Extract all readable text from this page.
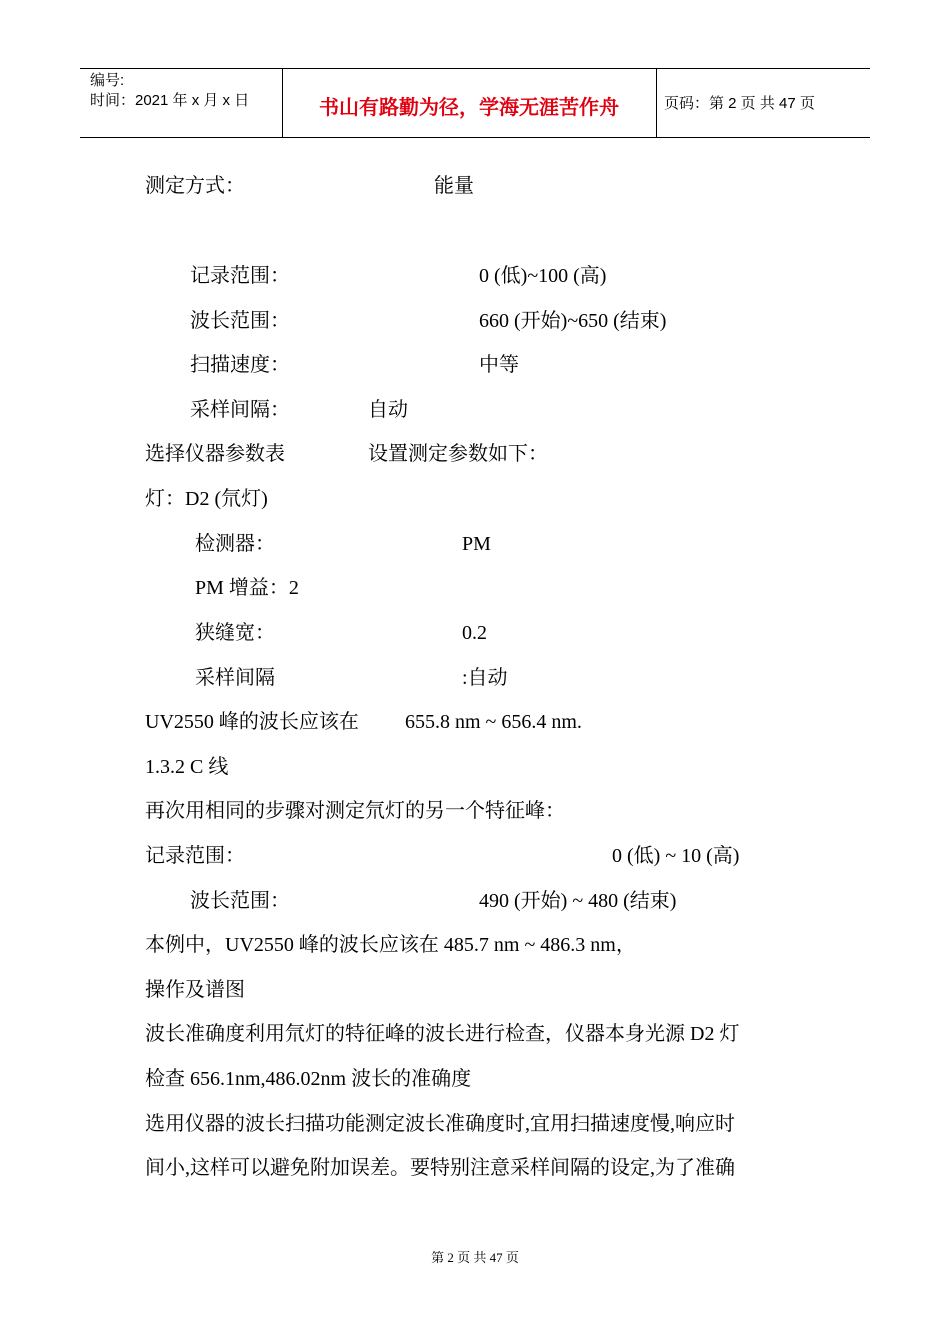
编号:
时间：2021 年 x 月 x 日	书山有路勤为径，学海无涯苦作舟	页码：第 2 页 共 47 页
测定方式：	能量
记录范围：	0 (低)~100 (高)
波长范围：	660 (开始)~650 (结束)
扫描速度：	中等
采样间隔：	自动
选择仪器参数表	设置测定参数如下：
灯：D2 (氘灯)
检测器：	PM
PM 增益：2
狭缝宽：	0.2
采样间隔	:自动
UV2550 峰的波长应该在 655.8 nm ~ 656.4 nm.
1.3.2 C 线
再次用相同的步骤对测定氘灯的另一个特征峰：
记录范围：	0 (低) ~ 10 (高)
波长范围：	490 (开始) ~ 480 (结束)
本例中，UV2550 峰的波长应该在 485.7 nm ~ 486.3 nm，
操作及谱图
波长准确度利用氘灯的特征峰的波长进行检查，仪器本身光源 D2 灯
检查 656.1nm,486.02nm 波长的准确度
选用仪器的波长扫描功能测定波长准确度时,宜用扫描速度慢,响应时
间小,这样可以避免附加误差。要特别注意采样间隔的设定,为了准确
第 2 页 共 47 页
